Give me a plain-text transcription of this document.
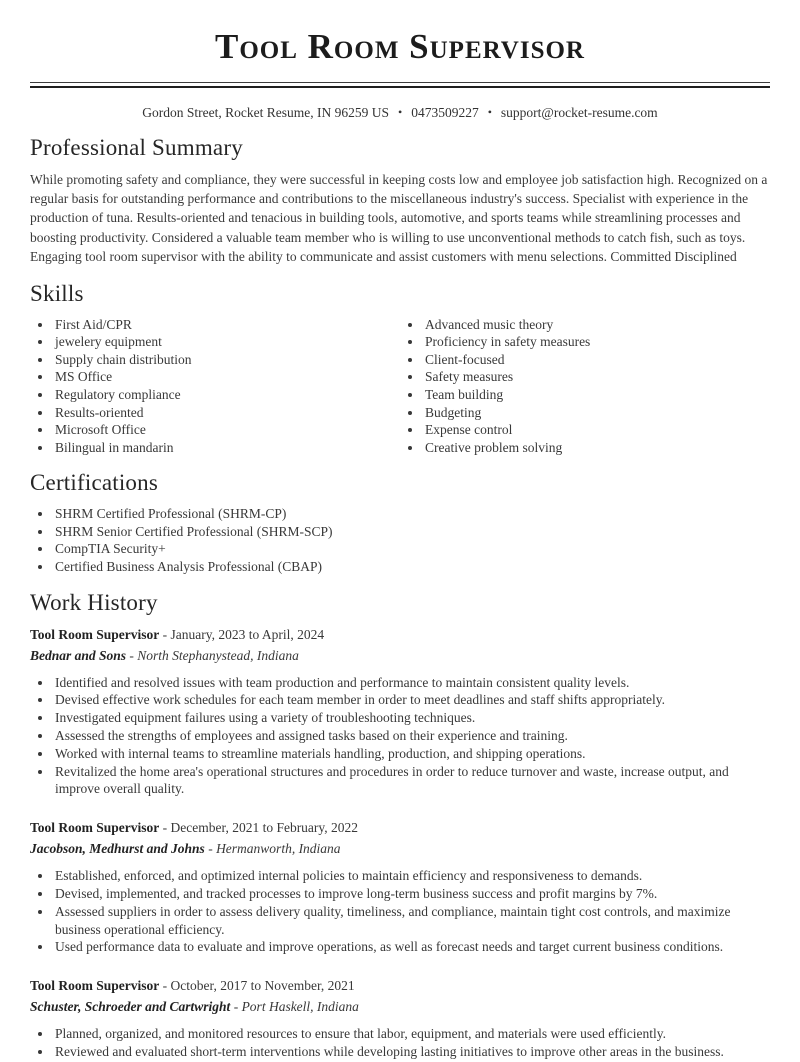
Tool Room Supervisor
Gordon Street, Rocket Resume, IN 96259 US • 0473509227 • support@rocket-resume.com
Professional Summary

While promoting safety and compliance, they were successful in keeping costs low and employee job satisfaction high. Recognized on a regular basis for outstanding performance and contributions to the miscellaneous industry's success. Specialist with experience in the production of tuna. Results-oriented and tenacious in building tools, automotive, and sports teams while streamlining processes and boosting productivity. Considered a valuable team member who is willing to use unconventional methods to catch fish, such as toys. Engaging tool room supervisor with the ability to communicate and assist customers with menu selections. Committed Disciplined

Skills
• First Aid/CPR
• jewelery equipment
• Supply chain distribution
• MS Office
• Regulatory compliance
• Results-oriented
• Microsoft Office
• Bilingual in mandarin
• Advanced music theory
• Proficiency in safety measures
• Client-focused
• Safety measures
• Team building
• Budgeting
• Expense control
• Creative problem solving
Certifications
• SHRM Certified Professional (SHRM-CP)
• SHRM Senior Certified Professional (SHRM-SCP)
• CompTIA Security+
• Certified Business Analysis Professional (CBAP)
Work History
Tool Room Supervisor - January, 2023 to April, 2024
Bednar and Sons - North Stephanystead, Indiana
• Identified and resolved issues with team production and performance to maintain consistent quality levels.
• Devised effective work schedules for each team member in order to meet deadlines and staff shifts appropriately.
• Investigated equipment failures using a variety of troubleshooting techniques.
• Assessed the strengths of employees and assigned tasks based on their experience and training.
• Worked with internal teams to streamline materials handling, production, and shipping operations.
• Revitalized the home area's operational structures and procedures in order to reduce turnover and waste, increase output, and improve overall quality.
Tool Room Supervisor - December, 2021 to February, 2022
Jacobson, Medhurst and Johns - Hermanworth, Indiana
• Established, enforced, and optimized internal policies to maintain efficiency and responsiveness to demands.
• Devised, implemented, and tracked processes to improve long-term business success and profit margins by 7%.
• Assessed suppliers in order to assess delivery quality, timeliness, and compliance, maintain tight cost controls, and maximize business operational efficiency.
• Used performance data to evaluate and improve operations, as well as forecast needs and target current business conditions.
Tool Room Supervisor - October, 2017 to November, 2021
Schuster, Schroeder and Cartwright - Port Haskell, Indiana
• Planned, organized, and monitored resources to ensure that labor, equipment, and materials were used efficiently.
• Reviewed and evaluated short-term interventions while developing lasting initiatives to improve other areas in the business.
